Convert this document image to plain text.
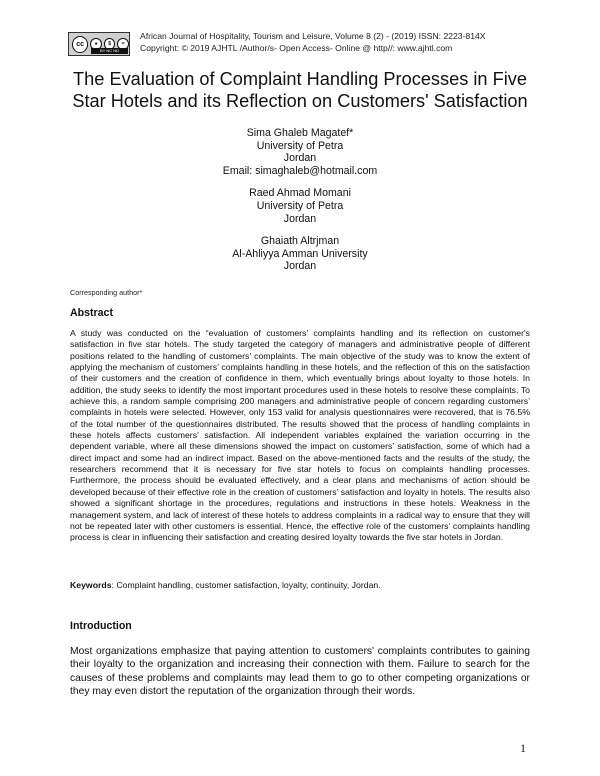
cc	●	$	=
BY NC ND
African Journal of Hospitality, Tourism and Leisure, Volume 8 (2) - (2019) ISSN: 2223-814X
Copyright: © 2019 AJHTL /Author/s- Open Access- Online @ http//: www.ajhtl.com
The Evaluation of Complaint Handling Processes in Five
Star Hotels and its Reflection on Customers' Satisfaction
Sima Ghaleb Magatef*
University of Petra
Jordan
Email: simaghaleb@hotmail.com
Raed Ahmad Momani
University of Petra
Jordan
Ghaiath Altrjman
Al-Ahliyya Amman University
Jordan
Corresponding author*
Abstract
A study was conducted on the “evaluation of customers’ complaints handling and its reflection on customer's satisfaction in five star hotels. The study targeted the category of managers and administrative people of different positions related to the handling of customers’ complaints. The main objective of the study was to know the extent of applying the mechanism of customers’ complaints handling in these hotels, and the reflection of this on the satisfaction of their customers and the creation of confidence in them, which eventually brings about loyalty to those hotels. In addition, the study seeks to identify the most important procedures used in these hotels to resolve these complaints. To achieve this, a random sample comprising 200 managers and administrative people of concern regarding customers’ complaints in hotels were selected. However, only 153 valid for analysis questionnaires were recovered, that is 76.5% of the total number of the questionnaires distributed. The results showed that the process of handling complaints in these hotels affects customers’ satisfaction. All independent variables explained the variation occurring in the dependent variable, where all these dimensions showed the impact on customers’ satisfaction, some of which had a direct impact and some had an indirect impact. Based on the above-mentioned facts and the results of the study, the researchers recommend that it is necessary for five star hotels to focus on complaints handling processes. Furthermore, the process should be evaluated effectively, and a clear plans and mechanisms of action should be developed because of their effective role in the creation of customers’ satisfaction and loyalty in hotels. The results also showed a significant shortage in the procedures, regulations and instructions in these hotels. Weakness in the management system, and lack of interest of these hotels to address complaints in a radical way to ensure that they will not be repeated later with other customers is essential. Hence, the effective role of the customers’ complaints handling process is clear in influencing their satisfaction and creating desired loyalty towards the five star hotels in Jordan.
Keywords: Complaint handling, customer satisfaction, loyalty, continuity, Jordan.
Introduction
Most organizations emphasize that paying attention to customers' complaints contributes to gaining their loyalty to the organization and increasing their connection with them. Failure to search for the causes of these problems and complaints may lead them to go to other competing organizations or they may even distort the reputation of the organization through their words.
1
